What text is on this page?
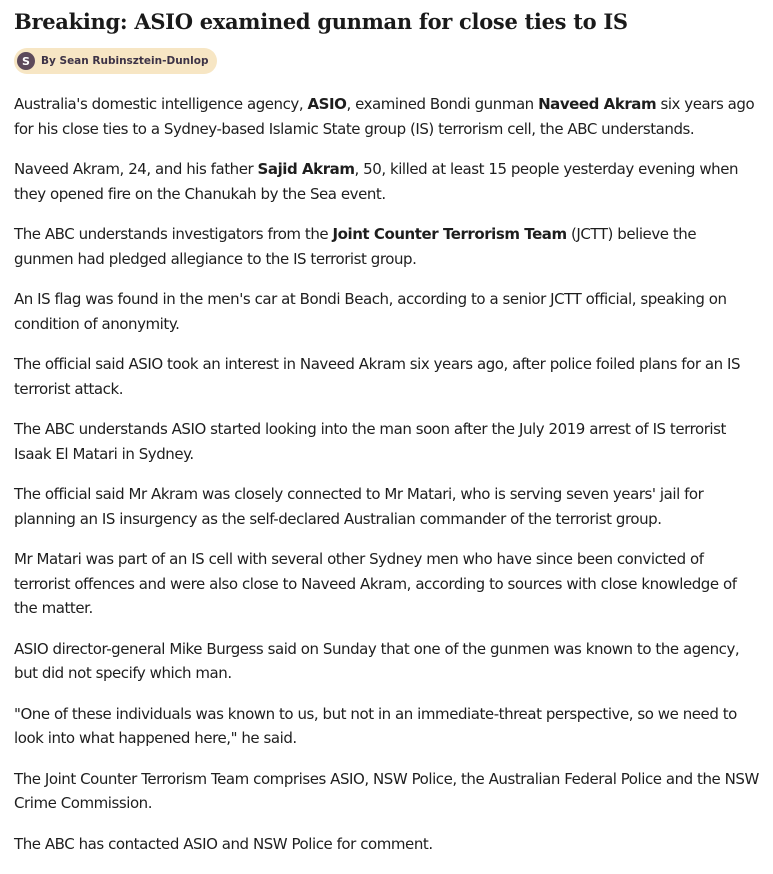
Breaking: ASIO examined gunman for close ties to IS
S	By Sean Rubinsztein-Dunlop

Australia's domestic intelligence agency, ASIO, examined Bondi gunman Naveed Akram six years ago for his close ties to a Sydney-based Islamic State group (IS) terrorism cell, the ABC understands.

Naveed Akram, 24, and his father Sajid Akram, 50, killed at least 15 people yesterday evening when they opened fire on the Chanukah by the Sea event.

The ABC understands investigators from the Joint Counter Terrorism Team (JCTT) believe the gunmen had pledged allegiance to the IS terrorist group.

An IS flag was found in the men's car at Bondi Beach, according to a senior JCTT official, speaking on condition of anonymity.

The official said ASIO took an interest in Naveed Akram six years ago, after police foiled plans for an IS terrorist attack.

The ABC understands ASIO started looking into the man soon after the July 2019 arrest of IS terrorist Isaak El Matari in Sydney.

The official said Mr Akram was closely connected to Mr Matari, who is serving seven years' jail for planning an IS insurgency as the self-declared Australian commander of the terrorist group.

Mr Matari was part of an IS cell with several other Sydney men who have since been convicted of terrorist offences and were also close to Naveed Akram, according to sources with close knowledge of the matter.

ASIO director-general Mike Burgess said on Sunday that one of the gunmen was known to the agency, but did not specify which man.

"One of these individuals was known to us, but not in an immediate-threat perspective, so we need to look into what happened here," he said.

The Joint Counter Terrorism Team comprises ASIO, NSW Police, the Australian Federal Police and the NSW Crime Commission.

The ABC has contacted ASIO and NSW Police for comment.
